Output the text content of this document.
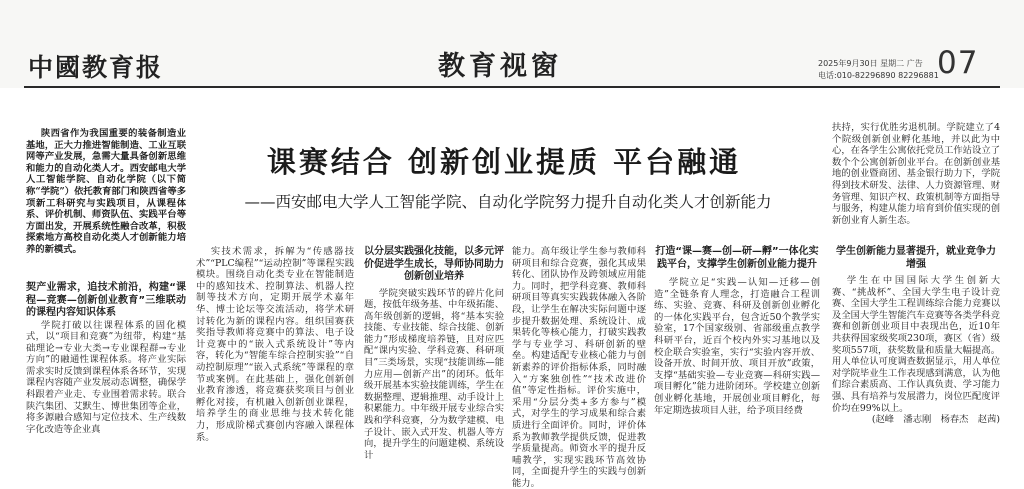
中國教育报	教育视窗	2025年9月30日 星期二 广告
电话:010-82296890 82296881
07
课赛结合 创新创业提质 平台融通
——西安邮电大学人工智能学院、自动化学院努力提升自动化类人才创新能力

陕西省作为我国重要的装备制造业基地，正大力推进智能制造、工业互联网等产业发展，急需大量具备创新思维和能力的自动化类人才。西安邮电大学人工智能学院、自动化学院（以下简称“学院”）依托教育部门和陕西省等多项新工科研究与实践项目，从课程体系、评价机制、师资队伍、实践平台等方面出发，开展系统性融合改革，积极探索地方高校自动化类人才创新能力培养的新模式。

契产业需求，追技术前沿，构建“课程—竞赛—创新创业教育”三维联动的课程内容知识体系

学院打破以往课程体系的固化模式，以“项目和竞赛”为纽带，构建“基础理论→专业大类→专业课程群→专业方向”的融通性课程体系。将产业实际需求实时反馈到课程体系各环节，实现课程内容随产业发展动态调整，确保学科跟着产业走、专业围着需求转。联合陕汽集团、艾默生、博世集团等企业，将多源融合感知与定位技术、生产线数字化改造等企业真

实技术需求，拆解为“传感器技术”“PLC编程”“运动控制”等课程实践模块。围绕自动化类专业在智能制造中的感知技术、控制算法、机器人控制等技术方向，定期开展学术嘉年华、博士论坛等交流活动，将学术研讨转化为新的课程内容。组织国赛获奖指导教师将竞赛中的算法、电子设计竞赛中的“嵌入式系统设计”等内容，转化为“智能车综合控制实验”“自动控制原理”“嵌入式系统”等课程的章节或案例。在此基础上，强化创新创业教育渗透，将竞赛获奖项目与创业孵化对接，有机融入创新创业课程，培养学生的商业思维与技术转化能力，形成阶梯式赛创内容融入课程体系。

以分层实践强化技能，以多元评价促进学生成长，导师协同助力创新创业培养

学院突破实践环节的碎片化问题，按低年级务基、中年级拓能、高年级创新的逻辑，将“基本实验技能、专业技能、综合技能、创新能力”形成梯度培养链，且对应匹配“课内实验、学科竞赛、科研项目”三类场景，实现“技能训练—能力应用—创新产出”的闭环。低年级开展基本实验技能训练，学生在数据整理、逻辑推理、动手设计上积累能力。中年级开展专业综合实践和学科竞赛，分为数学建模、电子设计、嵌入式开发、机器人等方向，提升学生的问题建模、系统设计

能力。高年级让学生参与教师科研项目和综合竞赛，强化其成果转化、团队协作及跨领域应用能力。同时，把学科竞赛、教师科研项目等真实实践载体融入各阶段，让学生在解决实际问题中逐步提升数据处理、系统设计、成果转化等核心能力，打破实践教学与专业学习、科研创新的壁垒。构建适配专业核心能力与创新素养的评价指标体系，同时融入“方案独创性”“技术改进价值”等定性指标。评价实施中，采用“分层分类+多方参与”模式，对学生的学习成果和综合素质进行全面评价。同时，评价体系为教师教学提供反馈，促进教学质量提高。师资水平的提升反哺教学，实现实践环节高效协同，全面提升学生的实践与创新能力。

打造“课—赛—创—研—孵”一体化实践平台，支撑学生创新创业能力提升

学院立足“实践—认知—迁移—创造”全链条育人理念，打造融合工程训练、实验、竞赛、科研及创新创业孵化的一体化实践平台，包含近50个教学实验室，17个国家级别、省部级重点教学科研平台，近百个校内外实习基地以及校企联合实验室，实行“实验内容开放、设备开放、时间开放、项目开放”政策，支撑“基础实验—专业竞赛—科研实践—项目孵化”能力进阶闭环。学校建立创新创业孵化基地，开展创业项目孵化，每年定期选拔项目人驻，给予项目经费

扶持，实行优胜劣退机制。学院建立了4个院级创新创业孵化基地，并以此为中心，在各学生公寓依托党员工作站设立了数个个公寓创新创业平台。在创新创业基地的创业暨商团、基金银行助力下，学院得到技术研发、法律、人力资源管理、财务管理、知识产权、政策机制等方面指导与服务，构建从能力培育到价值实现的创新创业育人新生态。

学生创新能力显著提升，就业竞争力增强

学生在中国国际大学生创新大赛、“挑战杯”、全国大学生电子设计竞赛、全国大学生工程训练综合能力竞赛以及全国大学生智能汽车竞赛等各类学科竞赛和创新创业项目中表现出色，近10年共获得国家级奖项230项，赛区（省）级奖项557项，获奖数量和质量大幅提高。用人单位认可度调查数据显示，用人单位对学院毕业生工作表现感到满意，认为他们综合素质高、工作认真负责、学习能力强、具有培养与发展潜力，岗位匹配度评价均在99%以上。

(赵峰　潘志刚　杨春杰　赵茜)
